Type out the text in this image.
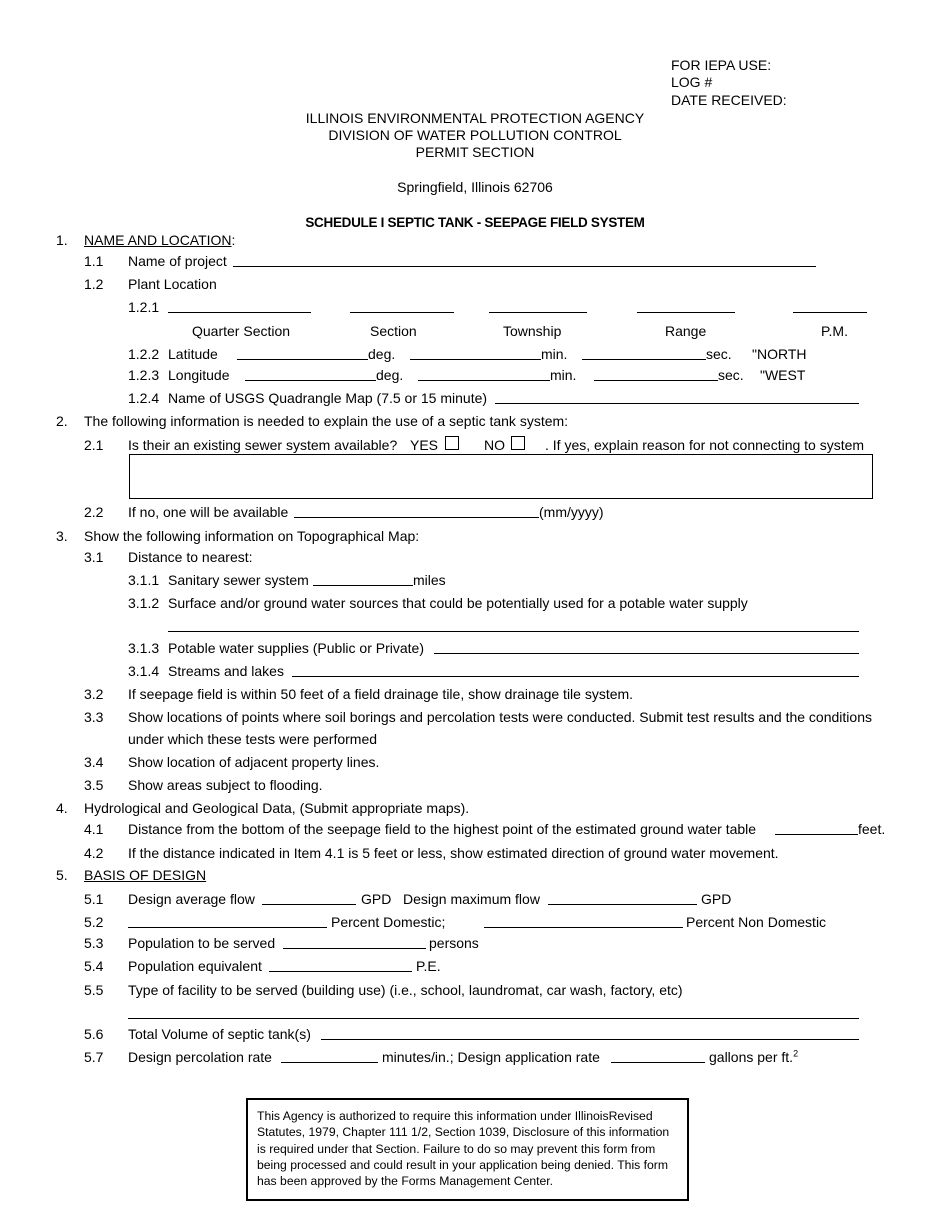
FOR IEPA USE:
LOG #
DATE RECEIVED:
ILLINOIS ENVIRONMENTAL PROTECTION AGENCY
DIVISION OF WATER POLLUTION CONTROL
PERMIT SECTION
Springfield, Illinois 62706
SCHEDULE I SEPTIC TANK - SEEPAGE FIELD SYSTEM
1. NAME AND LOCATION:
1.1 Name of project
1.2 Plant Location
1.2.1
Quarter Section	Section	Township	Range	P.M.
1.2.2 Latitude	deg.	min.	sec. "NORTH
1.2.3 Longitude	deg.	min.	sec. "WEST
1.2.4 Name of USGS Quadrangle Map (7.5 or 15 minute)
2. The following information is needed to explain the use of a septic tank system:
2.1 Is their an existing sewer system available? YES	NO	. If yes, explain reason for not connecting to system
2.2 If no, one will be available	(mm/yyyy)
3. Show the following information on Topographical Map:
3.1 Distance to nearest:
3.1.1 Sanitary sewer system	miles
3.1.2 Surface and/or ground water sources that could be potentially used for a potable water supply
3.1.3 Potable water supplies (Public or Private)
3.1.4 Streams and lakes
3.2 If seepage field is within 50 feet of a field drainage tile, show drainage tile system.
3.3 Show locations of points where soil borings and percolation tests were conducted. Submit test results and the conditions
under which these tests were performed
3.4 Show location of adjacent property lines.
3.5 Show areas subject to flooding.
4. Hydrological and Geological Data, (Submit appropriate maps).
4.1 Distance from the bottom of the seepage field to the highest point of the estimated ground water table	feet.
4.2 If the distance indicated in Item 4.1 is 5 feet or less, show estimated direction of ground water movement.
5. BASIS OF DESIGN
5.1 Design average flow	GPD Design maximum flow	GPD
5.2	Percent Domestic;	Percent Non Domestic
5.3 Population to be served	persons
5.4 Population equivalent	P.E.
5.5 Type of facility to be served (building use) (i.e., school, laundromat, car wash, factory, etc)
5.6 Total Volume of septic tank(s)
5.7 Design percolation rate	minutes/in.; Design application rate	gallons per ft.$^2$
This Agency is authorized to require this information under IllinoisRevised Statutes, 1979, Chapter 111 1/2, Section 1039, Disclosure of this information is required under that Section. Failure to do so may prevent this form from being processed and could result in your application being denied. This form has been approved by the Forms Management Center.
